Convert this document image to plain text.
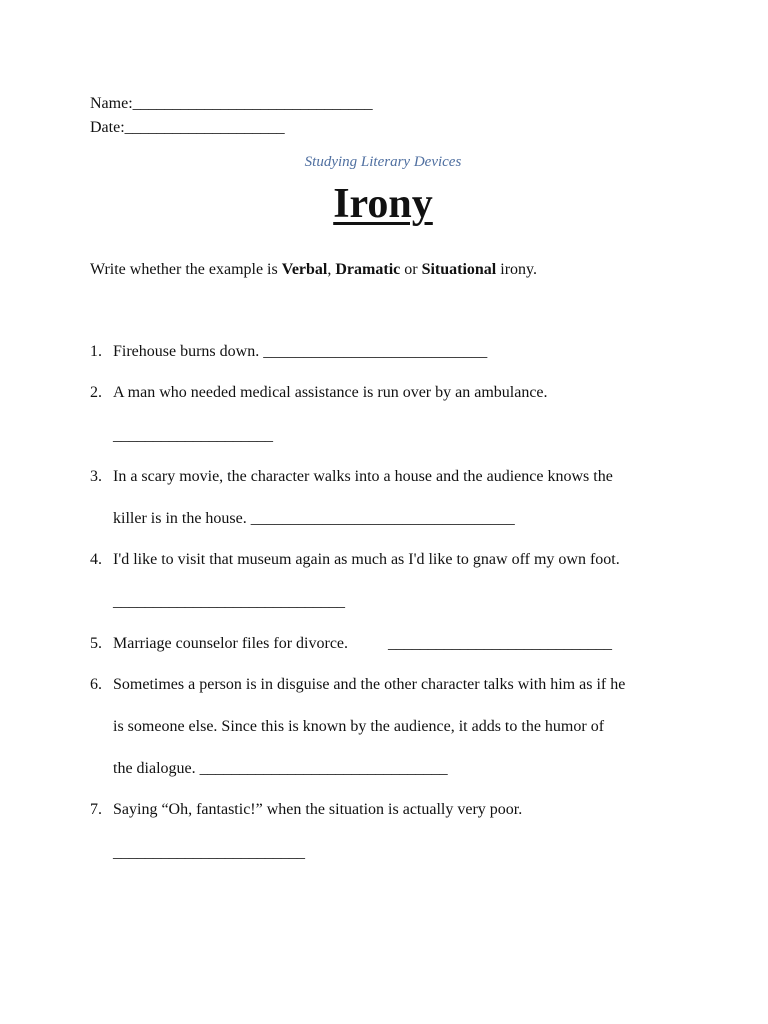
Name:______________________________
Date:____________________
Studying Literary Devices
Irony
Write whether the example is Verbal, Dramatic or Situational irony.
1. Firehouse burns down. ____________________________
2. A man who needed medical assistance is run over by an ambulance.
____________________
3. In a scary movie, the character walks into a house and the audience knows the
killer is in the house. _________________________________
4. I'd like to visit that museum again as much as I'd like to gnaw off my own foot.
_____________________________
5. Marriage counselor files for divorce.          ____________________________
6. Sometimes a person is in disguise and the other character talks with him as if he
is someone else. Since this is known by the audience, it adds to the humor of
the dialogue. _______________________________
7. Saying “Oh, fantastic!” when the situation is actually very poor.
________________________
